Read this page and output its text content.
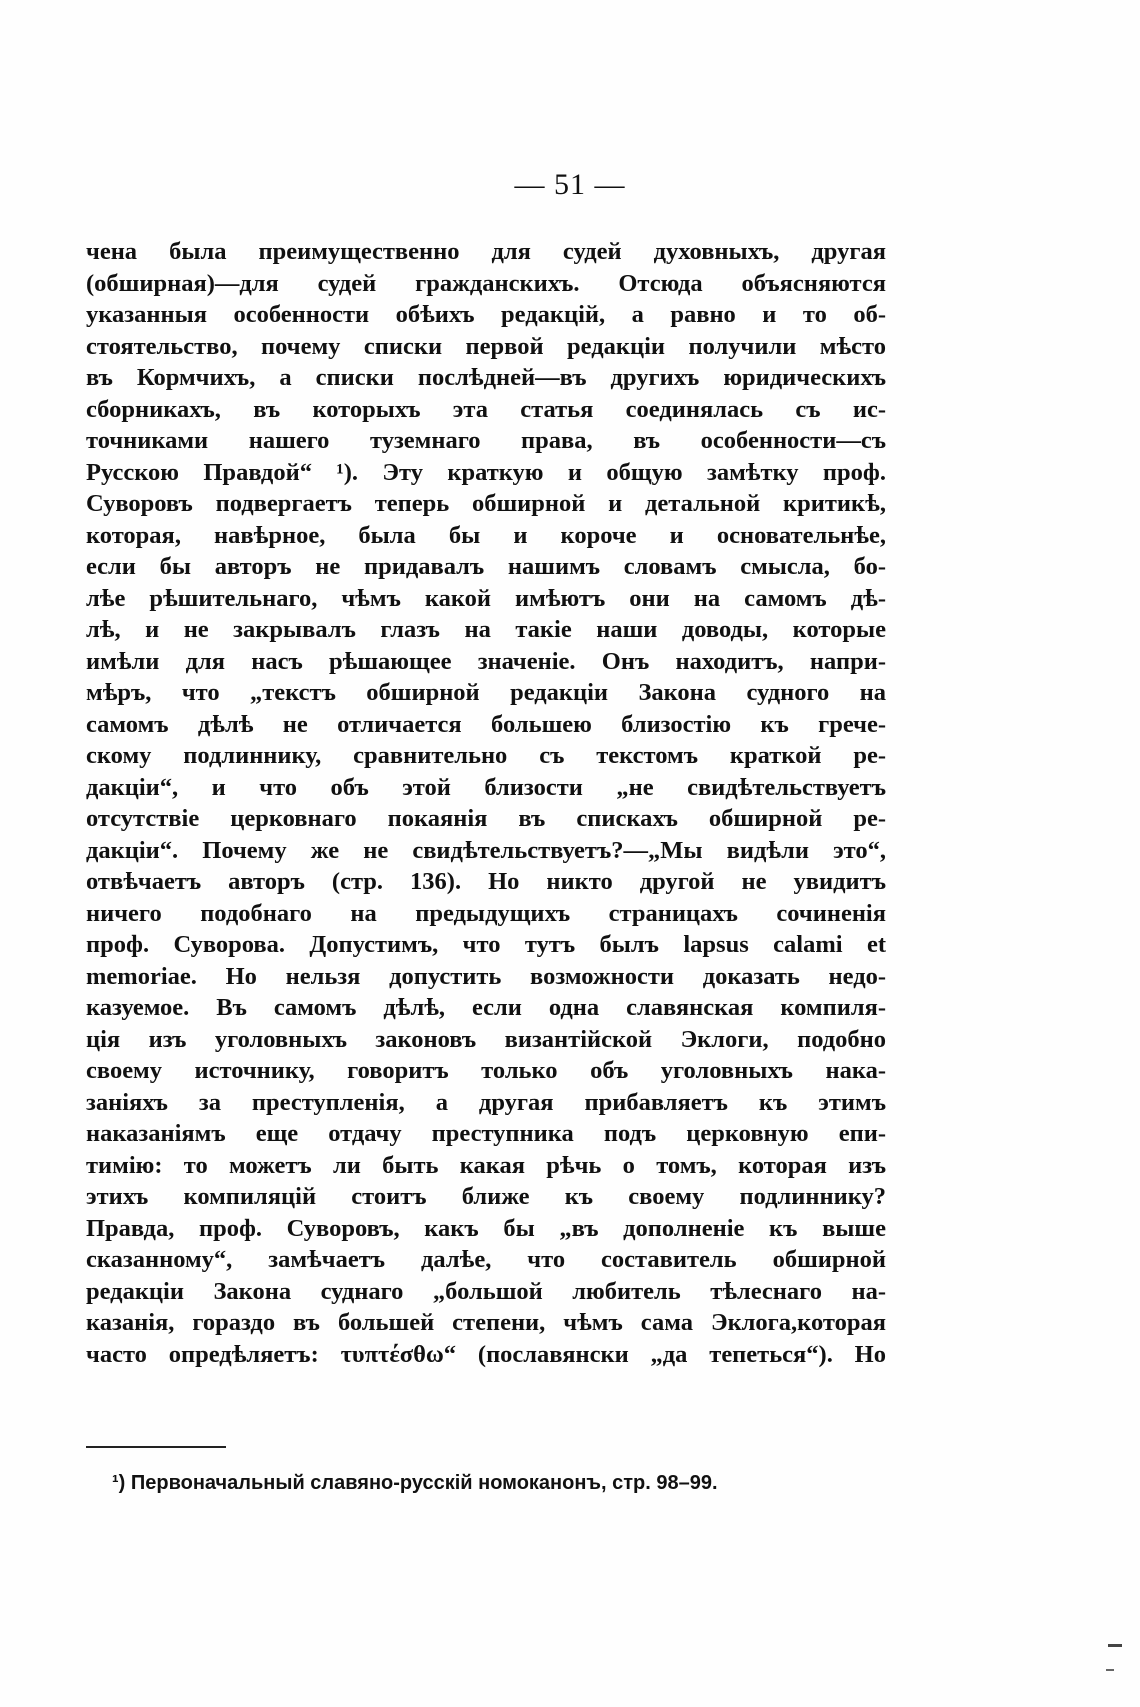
— 51 —
чена была преимущественно для судей духовныхъ, другая
(обширная)—для судей гражданскихъ. Отсюда объясняются
указанныя особенности обѣихъ редакцій, а равно и то об-
стоятельство, почему списки первой редакціи получили мѣсто
въ Кормчихъ, а списки послѣдней—въ другихъ юридическихъ
сборникахъ, въ которыхъ эта статья соединялась съ ис-
точниками нашего туземнаго права, въ особенности—съ
Русскою Правдой“ ¹). Эту краткую и общую замѣтку проф.
Суворовъ подвергаетъ теперь обширной и детальной критикѣ,
которая, навѣрное, была бы и короче и основательнѣе,
если бы авторъ не придавалъ нашимъ словамъ смысла, бо-
лѣе рѣшительнаго, чѣмъ какой имѣютъ они на самомъ дѣ-
лѣ, и не закрывалъ глазъ на такіе наши доводы, которые
имѣли для насъ рѣшающее значеніе. Онъ находитъ, напри-
мѣръ, что „текстъ обширной редакціи Закона судного на
самомъ дѣлѣ не отличается большею близостію къ грече-
скому подлиннику, сравнительно съ текстомъ краткой ре-
дакціи“, и что объ этой близости „не свидѣтельствуетъ
отсутствіе церковнаго покаянія въ спискахъ обширной ре-
дакціи“. Почему же не свидѣтельствуетъ?—„Мы видѣли это“,
отвѣчаетъ авторъ (стр. 136). Но никто другой не увидитъ
ничего подобнаго на предыдущихъ страницахъ сочиненія
проф. Суворова. Допустимъ, что тутъ былъ lapsus calami et
memoriae. Но нельзя допустить возможности доказать недо-
казуемое. Въ самомъ дѣлѣ, если одна славянская компиля-
ція изъ уголовныхъ законовъ византійской Эклоги, подобно
своему источнику, говоритъ только объ уголовныхъ нака-
заніяхъ за преступленія, а другая прибавляетъ къ этимъ
наказаніямъ еще отдачу преступника подъ церковную епи-
тимію: то можетъ ли быть какая рѣчь о томъ, которая изъ
этихъ компиляцій стоитъ ближе къ своему подлиннику?
Правда, проф. Суворовъ, какъ бы „въ дополненіе къ выше
сказанному“, замѣчаетъ далѣе, что составитель обширной
редакціи Закона суднаго „большой любитель тѣлеснаго на-
казанія, гораздо въ большей степени, чѣмъ сама Эклога,которая
часто опредѣляетъ: τυπτέσθω“ (пославянски „да тепеться“). Но
¹) Первоначальный славяно-русскій номоканонъ, стр. 98–99.
